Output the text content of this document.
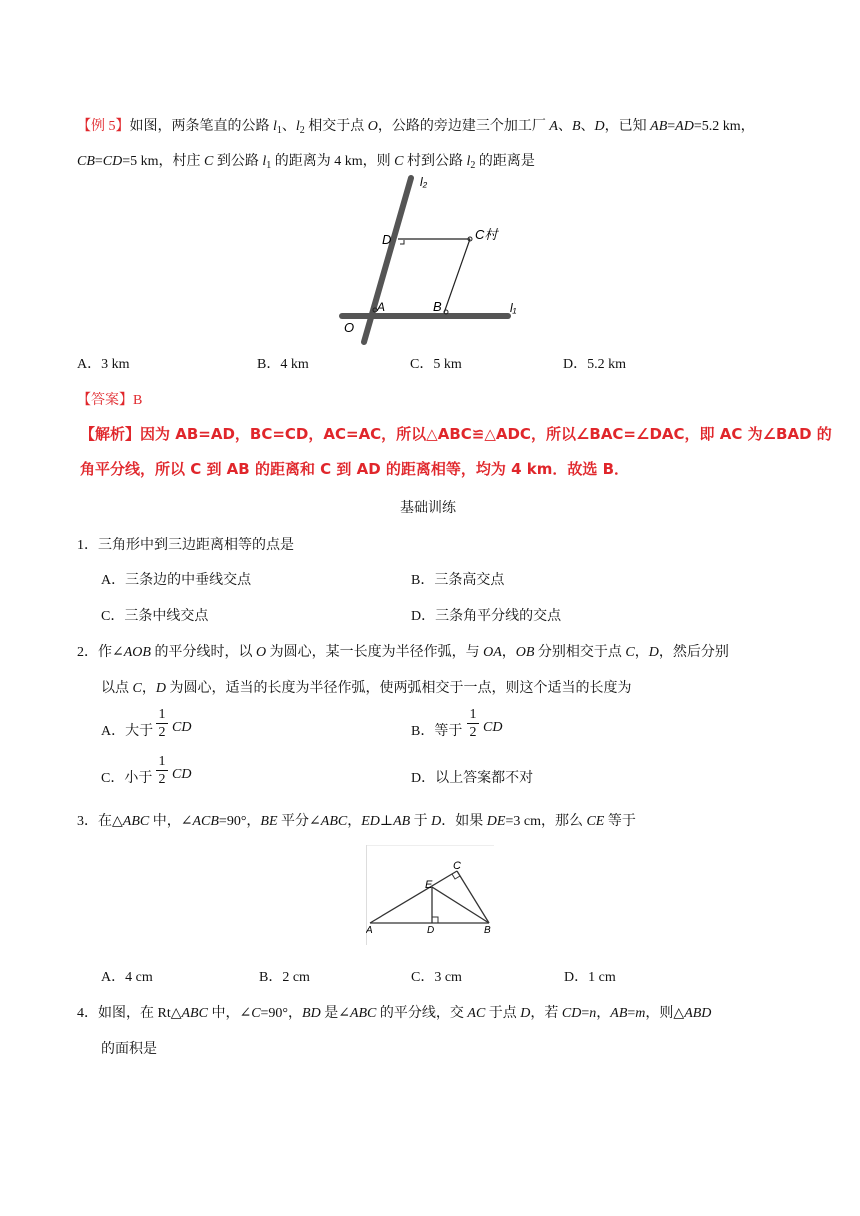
【例 5】如图，两条笔直的公路 $l_1$、$l_2$ 相交于点 O，公路的旁边建三个加工厂 A、B、D，已知 AB=AD=5.2 km，
CB=CD=5 km，村庄 C 到公路 $l_1$ 的距离为 4 km，则 C 村到公路 $l_2$ 的距离是
l₂
l₁
D	C村
A	B
O
A．3 km	B．4 km	C．5 km	D．5.2 km
【答案】B
【解析】因为 AB=AD，BC=CD，AC=AC，所以△ABC≌△ADC，所以∠BAC=∠DAC，即 AC 为∠BAD 的
角平分线，所以 C 到 AB 的距离和 C 到 AD 的距离相等，均为 4 km．故选 B．
基础训练
1．三角形中到三边距离相等的点是
A．三条边的中垂线交点	B．三条高交点
C．三条中线交点	D．三条角平分线的交点
2．作∠AOB 的平分线时，以 O 为圆心，某一长度为半径作弧，与 OA，OB 分别相交于点 C，D，然后分别
以点 C，D 为圆心，适当的长度为半径作弧，使两弧相交于一点，则这个适当的长度为
A．大于
1
2 CD	B．等于
1
2 CD
C．小于
1
2 CD	D．以上答案都不对
3．在△ABC 中，∠ACB=90°，BE 平分∠ABC，ED⊥AB 于 D．如果 DE=3 cm，那么 CE 等于
A	B
C
E
D
A．4 cm	B．2 cm	C．3 cm	D．1 cm
4．如图，在 Rt△ABC 中，∠C=90°，BD 是∠ABC 的平分线，交 AC 于点 D，若 CD=n，AB=m，则△ABD
的面积是
